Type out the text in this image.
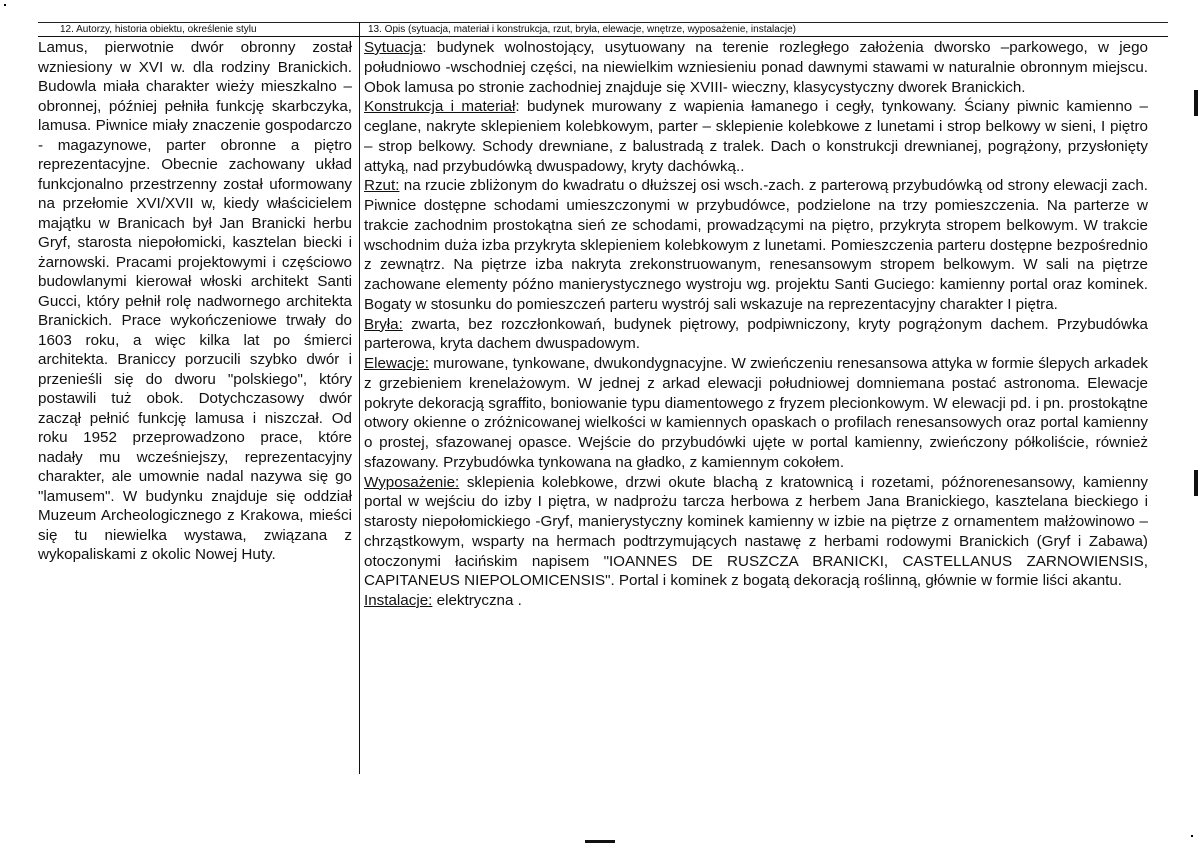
12. Autorzy, historia obiektu, określenie stylu	13. Opis (sytuacja, materiał i konstrukcja, rzut, bryła, elewacje, wnętrze, wyposażenie, instalacje)

Lamus, pierwotnie dwór obronny został wzniesiony w XVI w. dla rodziny Branickich. Budowla miała charakter wieży mieszkalno –obronnej, później pełniła funkcję skarbczyka, lamusa. Piwnice miały znaczenie gospodarczo - magazynowe, parter obronne a piętro reprezentacyjne. Obecnie zachowany układ funkcjonalno przestrzenny został uformowany na przełomie XVI/XVII w, kiedy właścicielem majątku w Branicach był Jan Branicki herbu Gryf, starosta niepołomicki, kasztelan biecki i żarnowski. Pracami projektowymi i częściowo budowlanymi kierował włoski architekt Santi Gucci, który pełnił rolę nadwornego architekta Branickich. Prace wykończeniowe trwały do 1603 roku, a więc kilka lat po śmierci architekta. Braniccy porzucili szybko dwór i przenieśli się do dworu "polskiego", który postawili tuż obok. Dotychczasowy dwór zaczął pełnić funkcję lamusa i niszczał. Od roku 1952 przeprowadzono prace, które nadały mu wcześniejszy, reprezentacyjny charakter, ale umownie nadal nazywa się go "lamusem". W budynku znajduje się oddział Muzeum Archeologicznego z Krakowa, mieści się tu niewielka wystawa, związana z wykopaliskami z okolic Nowej Huty.

Sytuacja: budynek wolnostojący, usytuowany na terenie rozległego założenia dworsko –parkowego, w jego południowo -wschodniej części, na niewielkim wzniesieniu ponad dawnymi stawami w naturalnie obronnym miejscu. Obok lamusa po stronie zachodniej znajduje się XVIII- wieczny, klasycystyczny dworek Branickich.

Konstrukcja i materiał: budynek murowany z wapienia łamanego i cegły, tynkowany. Ściany piwnic kamienno –ceglane, nakryte sklepieniem kolebkowym, parter – sklepienie kolebkowe z lunetami i strop belkowy w sieni, I piętro – strop belkowy. Schody drewniane, z balustradą z tralek. Dach o konstrukcji drewnianej, pogrążony, przysłonięty attyką, nad przybudówką dwuspadowy, kryty dachówką..

Rzut: na rzucie zbliżonym do kwadratu o dłuższej osi wsch.-zach. z parterową przybudówką od strony elewacji zach. Piwnice dostępne schodami umieszczonymi w przybudówce, podzielone na trzy pomieszczenia. Na parterze w trakcie zachodnim prostokątna sień ze schodami, prowadzącymi na piętro, przykryta stropem belkowym. W trakcie wschodnim duża izba przykryta sklepieniem kolebkowym z lunetami. Pomieszczenia parteru dostępne bezpośrednio z zewnątrz. Na piętrze izba nakryta zrekonstruowanym, renesansowym stropem belkowym. W sali na piętrze zachowane elementy późno manierystycznego wystroju wg. projektu Santi Guciego: kamienny portal oraz kominek. Bogaty w stosunku do pomieszczeń parteru wystrój sali wskazuje na reprezentacyjny charakter I piętra.

Bryła: zwarta, bez rozczłonkowań, budynek piętrowy, podpiwniczony, kryty pogrążonym dachem. Przybudówka parterowa, kryta dachem dwuspadowym.

Elewacje: murowane, tynkowane, dwukondygnacyjne. W zwieńczeniu renesansowa attyka w formie ślepych arkadek z grzebieniem krenelażowym. W jednej z arkad elewacji południowej domniemana postać astronoma. Elewacje pokryte dekoracją sgraffito, boniowanie typu diamentowego z fryzem plecionkowym. W elewacji pd. i pn. prostokątne otwory okienne o zróżnicowanej wielkości w kamiennych opaskach o profilach renesansowych oraz portal kamienny o prostej, sfazowanej opasce. Wejście do przybudówki ujęte w portal kamienny, zwieńczony półkoliście, również sfazowany. Przybudówka tynkowana na gładko, z kamiennym cokołem.

Wyposażenie: sklepienia kolebkowe, drzwi okute blachą z kratownicą i rozetami, późnorenesansowy, kamienny portal w wejściu do izby I piętra, w nadprożu tarcza herbowa z herbem Jana Branickiego, kasztelana bieckiego i starosty niepołomickiego -Gryf, manierystyczny kominek kamienny w izbie na piętrze z ornamentem małżowinowo – chrząstkowym, wsparty na hermach podtrzymujących nastawę z herbami rodowymi Branickich (Gryf i Zabawa) otoczonymi łacińskim napisem "IOANNES DE RUSZCZA BRANICKI, CASTELLANUS ZARNOWIENSIS, CAPITANEUS NIEPOLOMICENSIS". Portal i kominek z bogatą dekoracją roślinną, głównie w formie liści akantu.

Instalacje: elektryczna .
